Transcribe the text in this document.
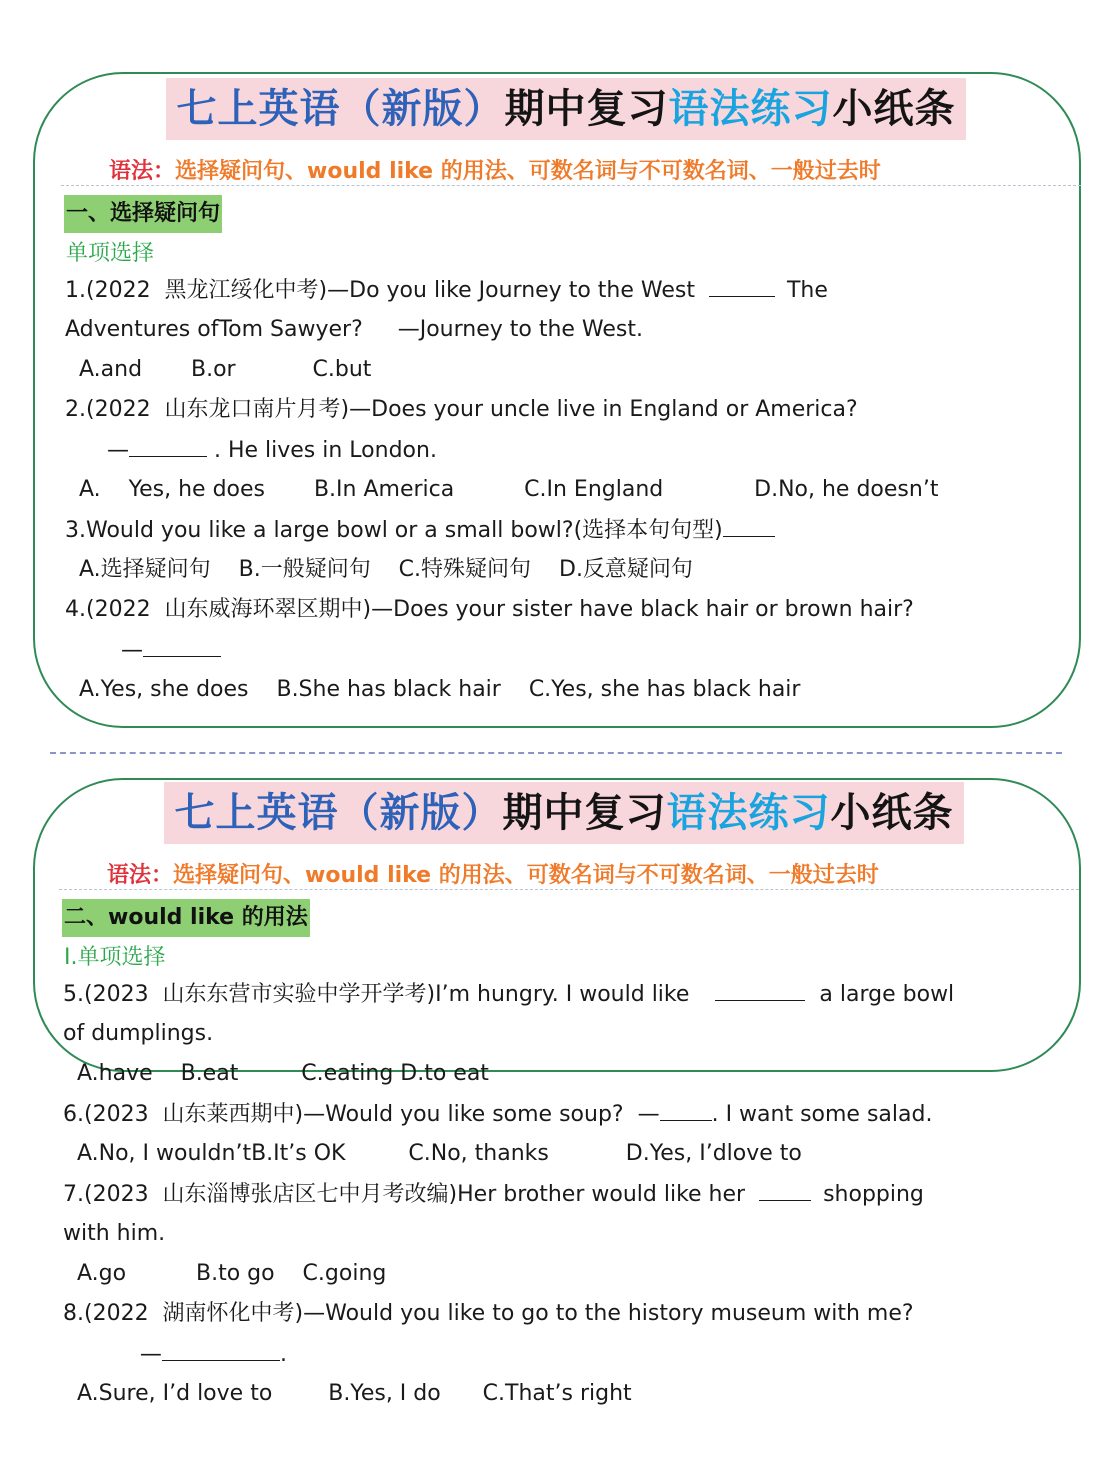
七上英语（新版）期中复习语法练习小纸条
语法：选择疑问句、would like 的用法、可数名词与不可数名词、一般过去时
一、选择疑问句
单项选择
1.(2022  黑龙江绥化中考)—Do you like Journey to the West	The
Adventures ofTom Sawyer?     —Journey to the West.
A.and       B.or           C.but
2.(2022  山东龙口南片月考)—Does your uncle live in England or America?
—	. He lives in London.
A.    Yes, he does       B.In America          C.In England             D.No, he doesn’t
3.Would you like a large bowl or a small bowl?(选择本句句型)
A.选择疑问句    B.一般疑问句    C.特殊疑问句    D.反意疑问句
4.(2022  山东威海环翠区期中)—Does your sister have black hair or brown hair?
—
A.Yes, she does    B.She has black hair    C.Yes, she has black hair
七上英语（新版）期中复习语法练习小纸条
语法：选择疑问句、would like 的用法、可数名词与不可数名词、一般过去时
二、would like 的用法
Ⅰ.单项选择
5.(2023  山东东营市实验中学开学考)I’m hungry. I would like	a large bowl
of dumplings.
A.have    B.eat         C.eating D.to eat
6.(2023  山东莱西期中)—Would you like some soup?  — . I want some salad.
A.No, I wouldn’tB.It’s OK         C.No, thanks           D.Yes, I’dlove to
7.(2023  山东淄博张店区七中月考改编)Her brother would like her	shopping
with him.
A.go          B.to go    C.going
8.(2022  湖南怀化中考)—Would you like to go to the history museum with me?
—	.
A.Sure, I’d love to        B.Yes, I do      C.That’s right
